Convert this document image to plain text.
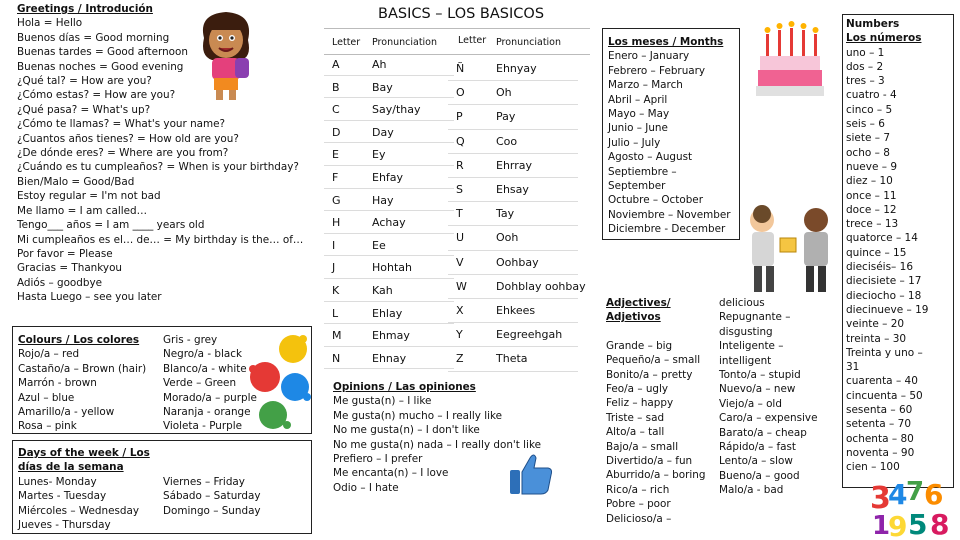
Greetings / Introdución
Hola = Hello
Buenos días = Good morning
Buenas tardes = Good afternoon
Buenas noches = Good evening
¿Qué tal? = How are you?
¿Cómo estas? = How are you?
¿Qué pasa? = What's up?
¿Cómo te llamas? = What's your name?
¿Cuantos años tienes? = How old are you?
¿De dónde eres? = Where are you from?
¿Cuándo es tu cumpleaños? = When is your birthday?
Bien/Malo = Good/Bad
Estoy regular = I'm not bad
Me llamo = I am called…
Tengo___ años = I am ____ years old
Mi cumpleaños es el… de… = My birthday is the… of…
Por favor = Please
Gracias = Thankyou
Adiós – goodbye
Hasta Luego – see you later
Colours / Los colores
Rojo/a – red
Castaño/a – Brown (hair)
Marrón - brown
Azul – blue
Amarillo/a - yellow
Rosa – pink
Gris - grey
Negro/a - black
Blanco/a - white
Verde – Green
Morado/a – purple
Naranja - orange
Violeta - Purple
Days of the week / Los
días de la semana
Lunes- Monday
Martes - Tuesday
Miércoles – Wednesday
Jueves - Thursday
Viernes – Friday
Sábado – Saturday
Domingo – Sunday
BASICS – LOS BASICOS
Letter Pronunciation Letter Pronunciation
A	Ah
B	Bay
C	Say/thay
D	Day
E	Ey
F	Ehfay
G	Hay
H	Achay
I	Ee
J	Hohtah
K	Kah
L	Ehlay
M	Ehmay
N	Ehnay
Ñ	Ehnyay
O	Oh
P	Pay
Q	Coo
R	Ehrray
S	Ehsay
T	Tay
U	Ooh
V	Oohbay
W	Dohblay oohbay
X	Ehkees
Y	Eegreehgah
Z	Theta
Opinions / Las opiniones
Me gusta(n) – I like
Me gusta(n) mucho – I really like
No me gusta(n) – I don't like
No me gusta(n) nada – I really don't like
Prefiero – I prefer
Me encanta(n) – I love
Odio – I hate
Los meses / Months
Enero – January
Febrero – February
Marzo – March
Abril – April
Mayo – May
Junio – June
Julio – July
Agosto – August
Septiembre –
September
Octubre – October
Noviembre – November
Diciembre - December
Adjectives/
Adjetivos
Grande – big
Pequeño/a – small
Bonito/a – pretty
Feo/a – ugly
Feliz – happy
Triste – sad
Alto/a – tall
Bajo/a – small
Divertido/a – fun
Aburrido/a – boring
Rico/a – rich
Pobre – poor
Delicioso/a –
delicious
Repugnante –
disgusting
Inteligente –
intelligent
Tonto/a – stupid
Nuevo/a – new
Viejo/a – old
Caro/a – expensive
Barato/a – cheap
Rápido/a – fast
Lento/a – slow
Bueno/a – good
Malo/a - bad
Numbers
Los números
uno – 1
dos – 2
tres – 3
cuatro - 4
cinco – 5
seis – 6
siete – 7
ocho – 8
nueve – 9
diez – 10
once – 11
doce – 12
trece – 13
quatorce – 14
quince – 15
dieciséis– 16
diecisiete – 17
dieciocho – 18
diecinueve – 19
veinte – 20
treinta – 30
Treinta y uno –
31
cuarenta – 40
cincuenta – 50
sesenta – 60
setenta – 70
ochenta – 80
noventa – 90
cien – 100
3
4
7 6
1
9 5 8
